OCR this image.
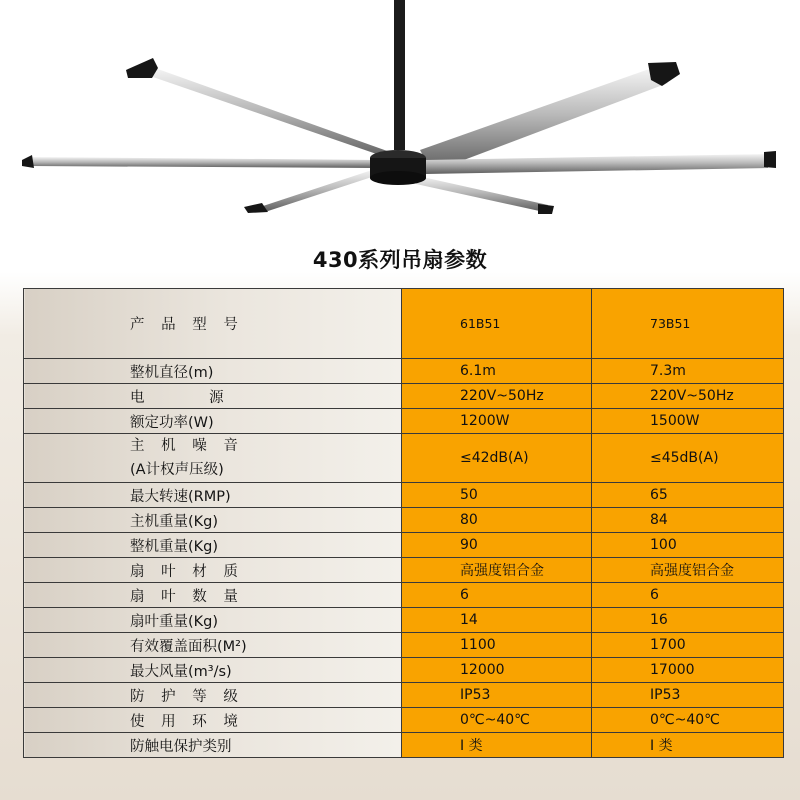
430系列吊扇参数
产 品 型 号	61B51	73B51
整机直径(m)	6.1m	7.3m
电 源	220V~50Hz	220V~50Hz
额定功率(W)	1200W	1500W

主 机 噪 音
(A计权声压级)	≤42dB(A)	≤45dB(A)
最大转速(RMP)	50	65
主机重量(Kg)	80	84
整机重量(Kg)	90	100
扇 叶 材 质	高强度铝合金	高强度铝合金
扇 叶 数 量	6	6
扇叶重量(Kg)	14	16
有效覆盖面积(M²)	1100	1700
最大风量(m³/s)	12000	17000
防 护 等 级	IP53	IP53
使 用 环 境	0℃~40℃	0℃~40℃
防触电保护类别	I 类	I 类
